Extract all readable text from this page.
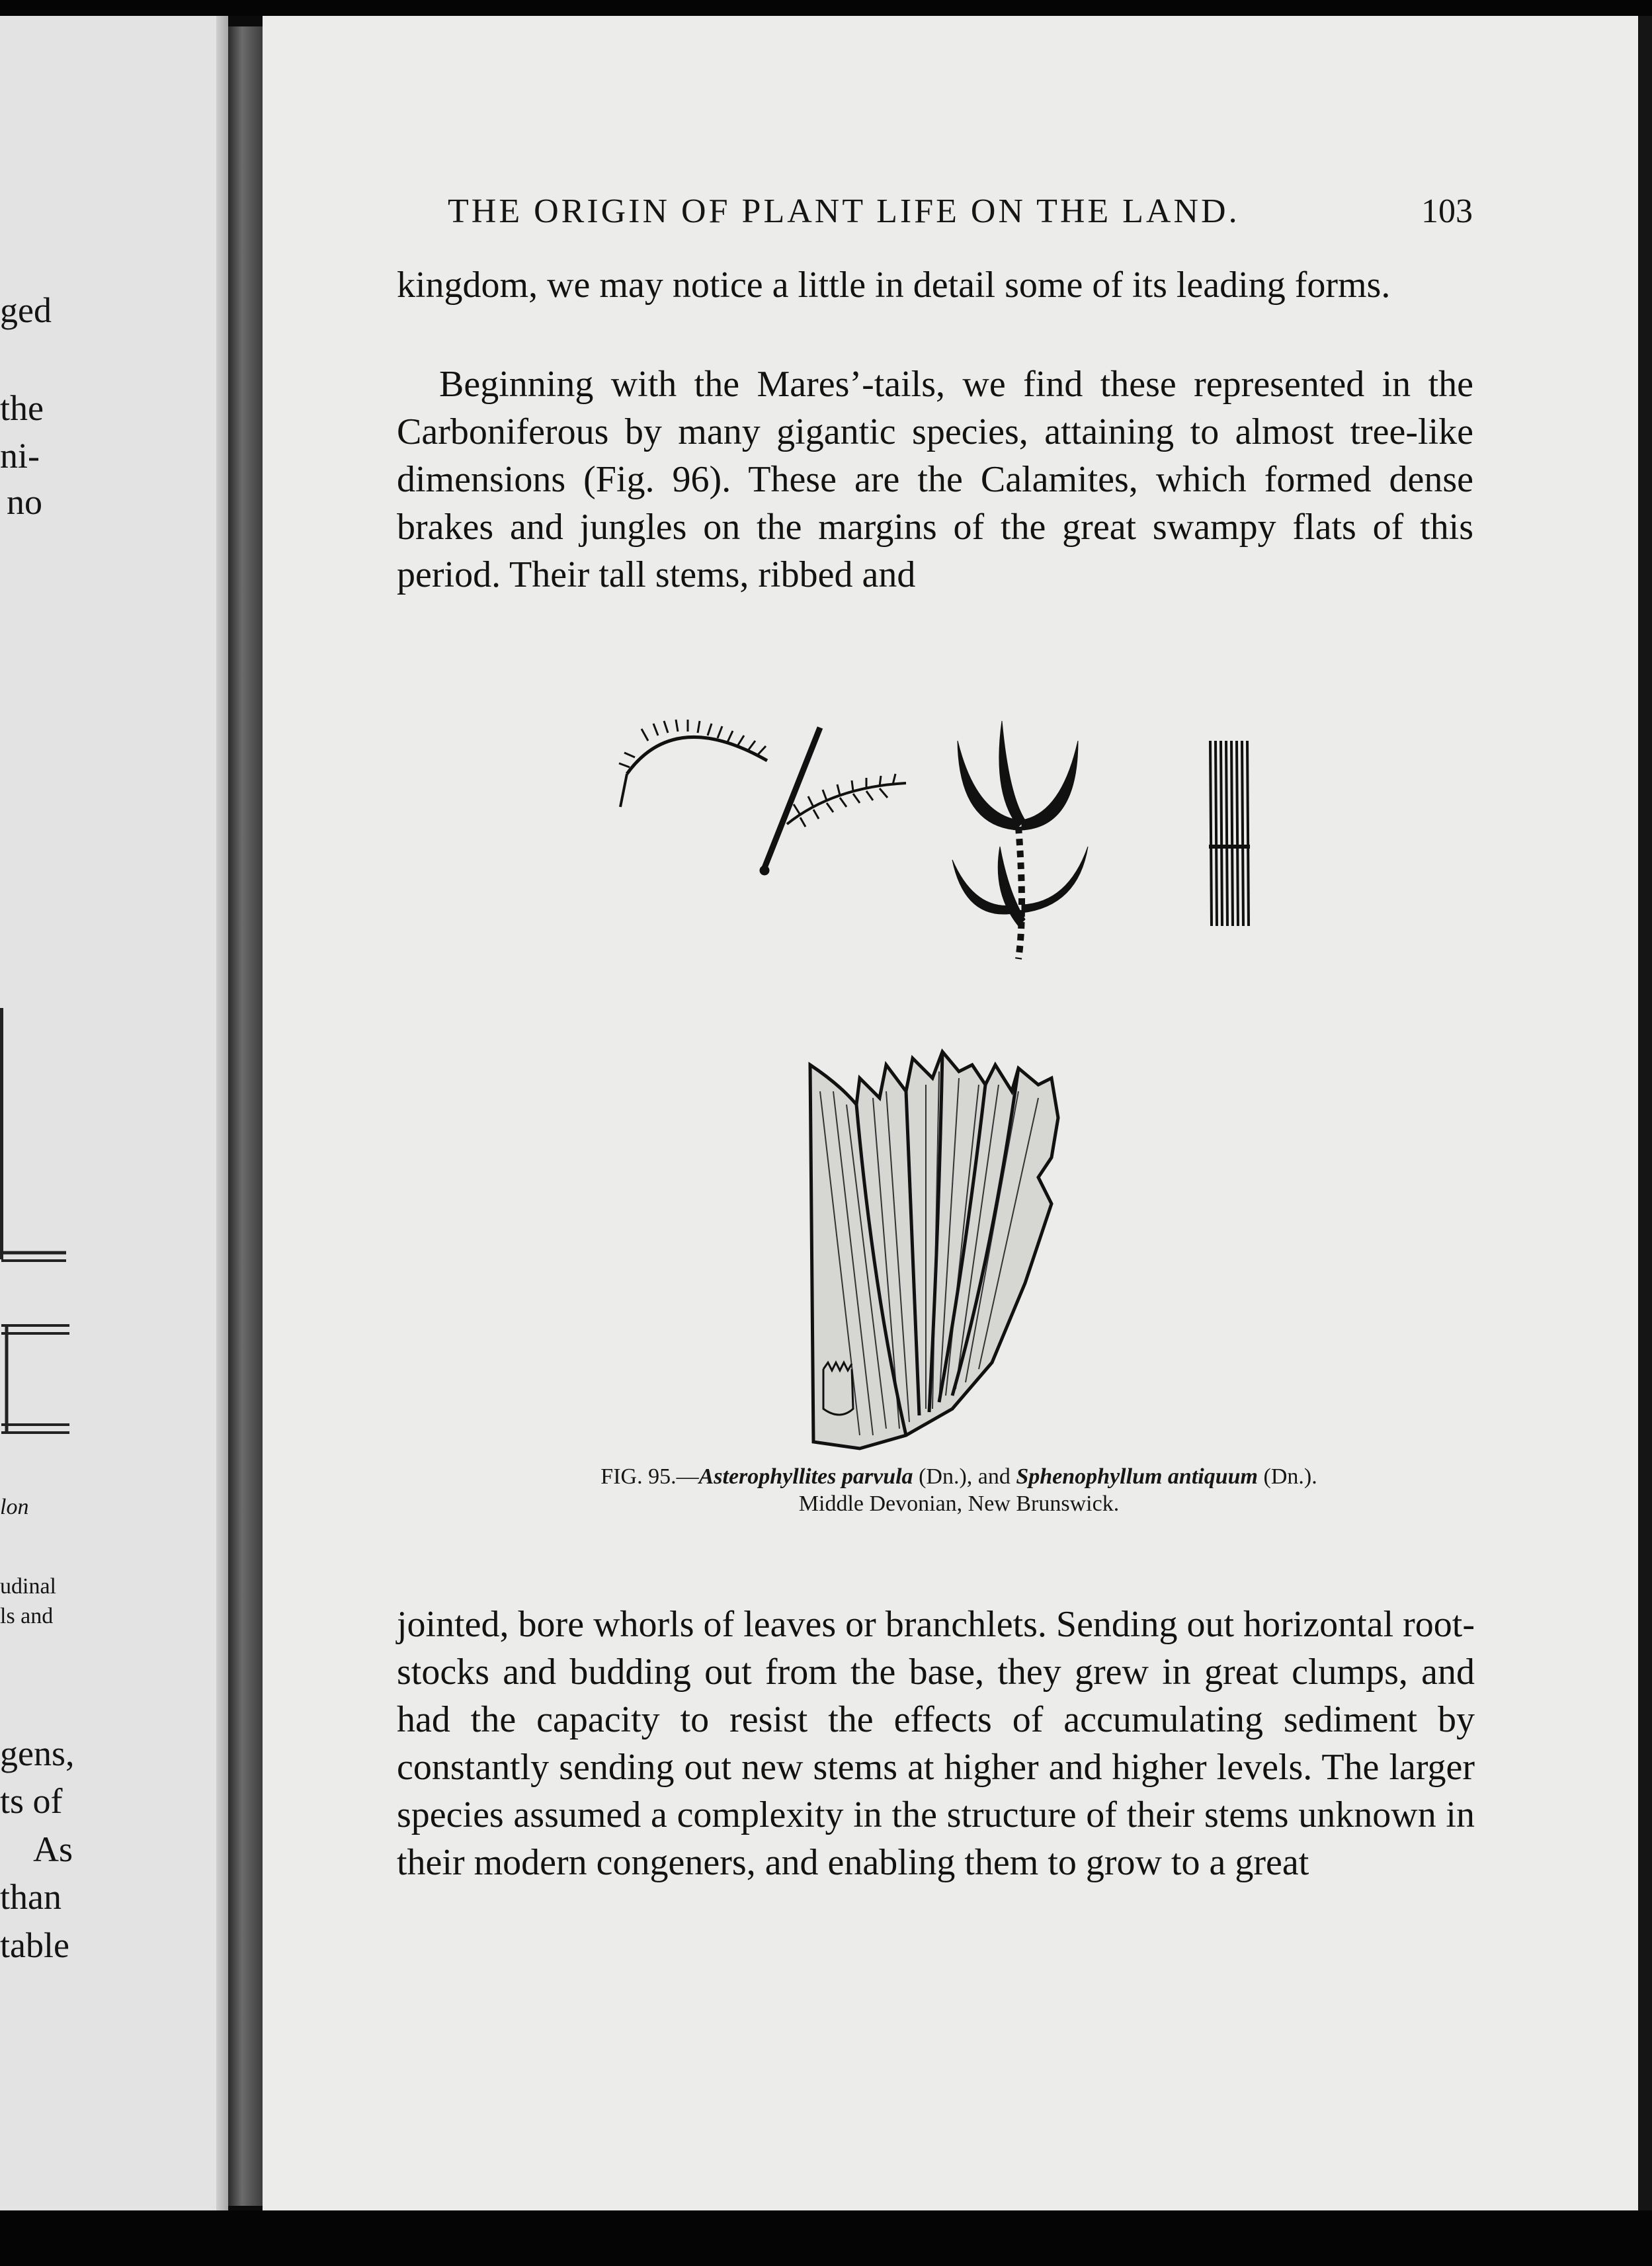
ged
the
ni-
no
lon
udinal
ls and
gens,
ts of
As
than
table
THE ORIGIN OF PLANT LIFE ON THE LAND.	103

kingdom, we may notice a little in detail some of its leading forms.

Beginning with the Mares’-tails, we find these represented in the Carboniferous by many gigantic species, attaining to almost tree-like dimensions (Fig. 96). These are the Calamites, which formed dense brakes and jungles on the margins of the great swampy flats of this period. Their tall stems, ribbed and

FIG. 95.—Asterophyllites parvula (Dn.), and Sphenophyllum antiquum (Dn.).
Middle Devonian, New Brunswick.

jointed, bore whorls of leaves or branchlets. Sending out horizontal root-stocks and budding out from the base, they grew in great clumps, and had the capacity to resist the effects of accumulating sediment by constantly sending out new stems at higher and higher levels. The larger species assumed a complexity in the structure of their stems unknown in their modern congeners, and enabling them to grow to a great
